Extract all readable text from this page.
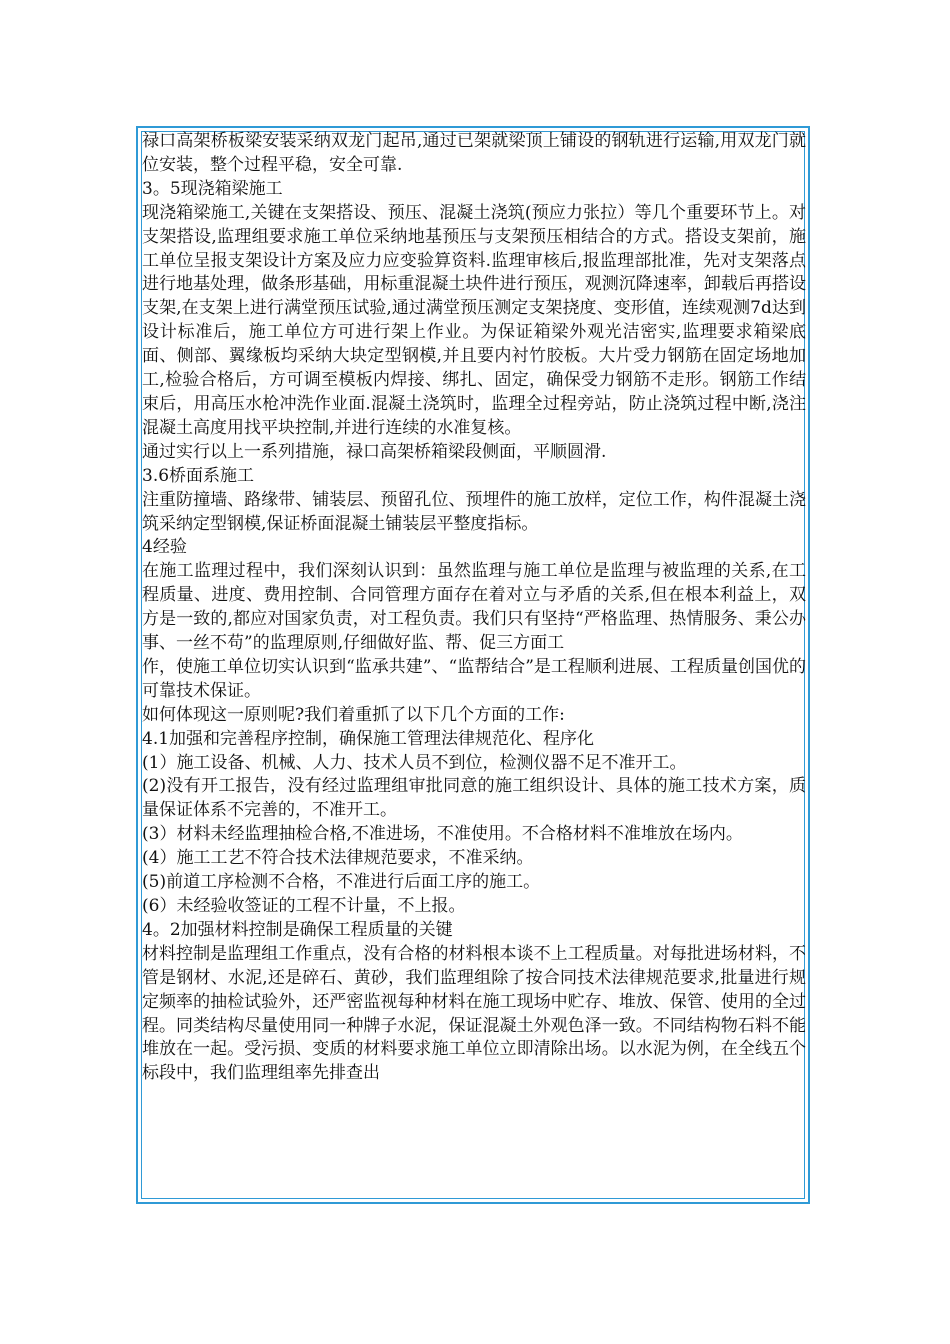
禄口高架桥板梁安装采纳双龙门起吊,通过已架就梁顶上铺设的钢轨进行运输,用双龙门就位安装，整个过程平稳，安全可靠.

3。5现浇箱梁施工

现浇箱梁施工,关键在支架搭设、预压、混凝土浇筑(预应力张拉）等几个重要环节上。对支架搭设,监理组要求施工单位采纳地基预压与支架预压相结合的方式。搭设支架前，施工单位呈报支架设计方案及应力应变验算资料.监理审核后,报监理部批准，先对支架落点进行地基处理，做条形基础，用标重混凝土块件进行预压，观测沉降速率，卸载后再搭设支架,在支架上进行满堂预压试验,通过满堂预压测定支架挠度、变形值，连续观测7d达到设计标准后，施工单位方可进行架上作业。为保证箱梁外观光洁密实,监理要求箱梁底面、侧部、翼缘板均采纳大块定型钢模,并且要内衬竹胶板。大片受力钢筋在固定场地加工,检验合格后，方可调至模板内焊接、绑扎、固定，确保受力钢筋不走形。钢筋工作结束后，用高压水枪冲洗作业面.混凝土浇筑时，监理全过程旁站，防止浇筑过程中断,浇注混凝土高度用找平块控制,并进行连续的水准复核。

通过实行以上一系列措施，禄口高架桥箱梁段侧面，平顺圆滑.

3.6桥面系施工

注重防撞墙、路缘带、铺装层、预留孔位、预埋件的施工放样，定位工作，构件混凝土浇筑采纳定型钢模,保证桥面混凝土铺装层平整度指标。

4经验

在施工监理过程中，我们深刻认识到：虽然监理与施工单位是监理与被监理的关系,在工程质量、进度、费用控制、合同管理方面存在着对立与矛盾的关系,但在根本利益上，双方是一致的,都应对国家负责，对工程负责。我们只有坚持“严格监理、热情服务、秉公办事、一丝不苟”的监理原则,仔细做好监、帮、促三方面工

作，使施工单位切实认识到“监承共建”、“监帮结合”是工程顺利进展、工程质量创国优的可靠技术保证。

如何体现这一原则呢?我们着重抓了以下几个方面的工作:

4.1加强和完善程序控制，确保施工管理法律规范化、程序化

(1）施工设备、机械、人力、技术人员不到位，检测仪器不足不准开工。

(2)没有开工报告，没有经过监理组审批同意的施工组织设计、具体的施工技术方案，质量保证体系不完善的，不准开工。

(3）材料未经监理抽检合格,不准进场，不准使用。不合格材料不准堆放在场内。

(4）施工工艺不符合技术法律规范要求，不准采纳。

(5)前道工序检测不合格，不准进行后面工序的施工。

(6）未经验收签证的工程不计量，不上报。

4。2加强材料控制是确保工程质量的关键

材料控制是监理组工作重点，没有合格的材料根本谈不上工程质量。对每批进场材料，不管是钢材、水泥,还是碎石、黄砂，我们监理组除了按合同技术法律规范要求,批量进行规定频率的抽检试验外，还严密监视每种材料在施工现场中贮存、堆放、保管、使用的全过程。同类结构尽量使用同一种牌子水泥，保证混凝土外观色泽一致。不同结构物石料不能堆放在一起。受污损、变质的材料要求施工单位立即清除出场。以水泥为例，在全线五个标段中，我们监理组率先排查出
